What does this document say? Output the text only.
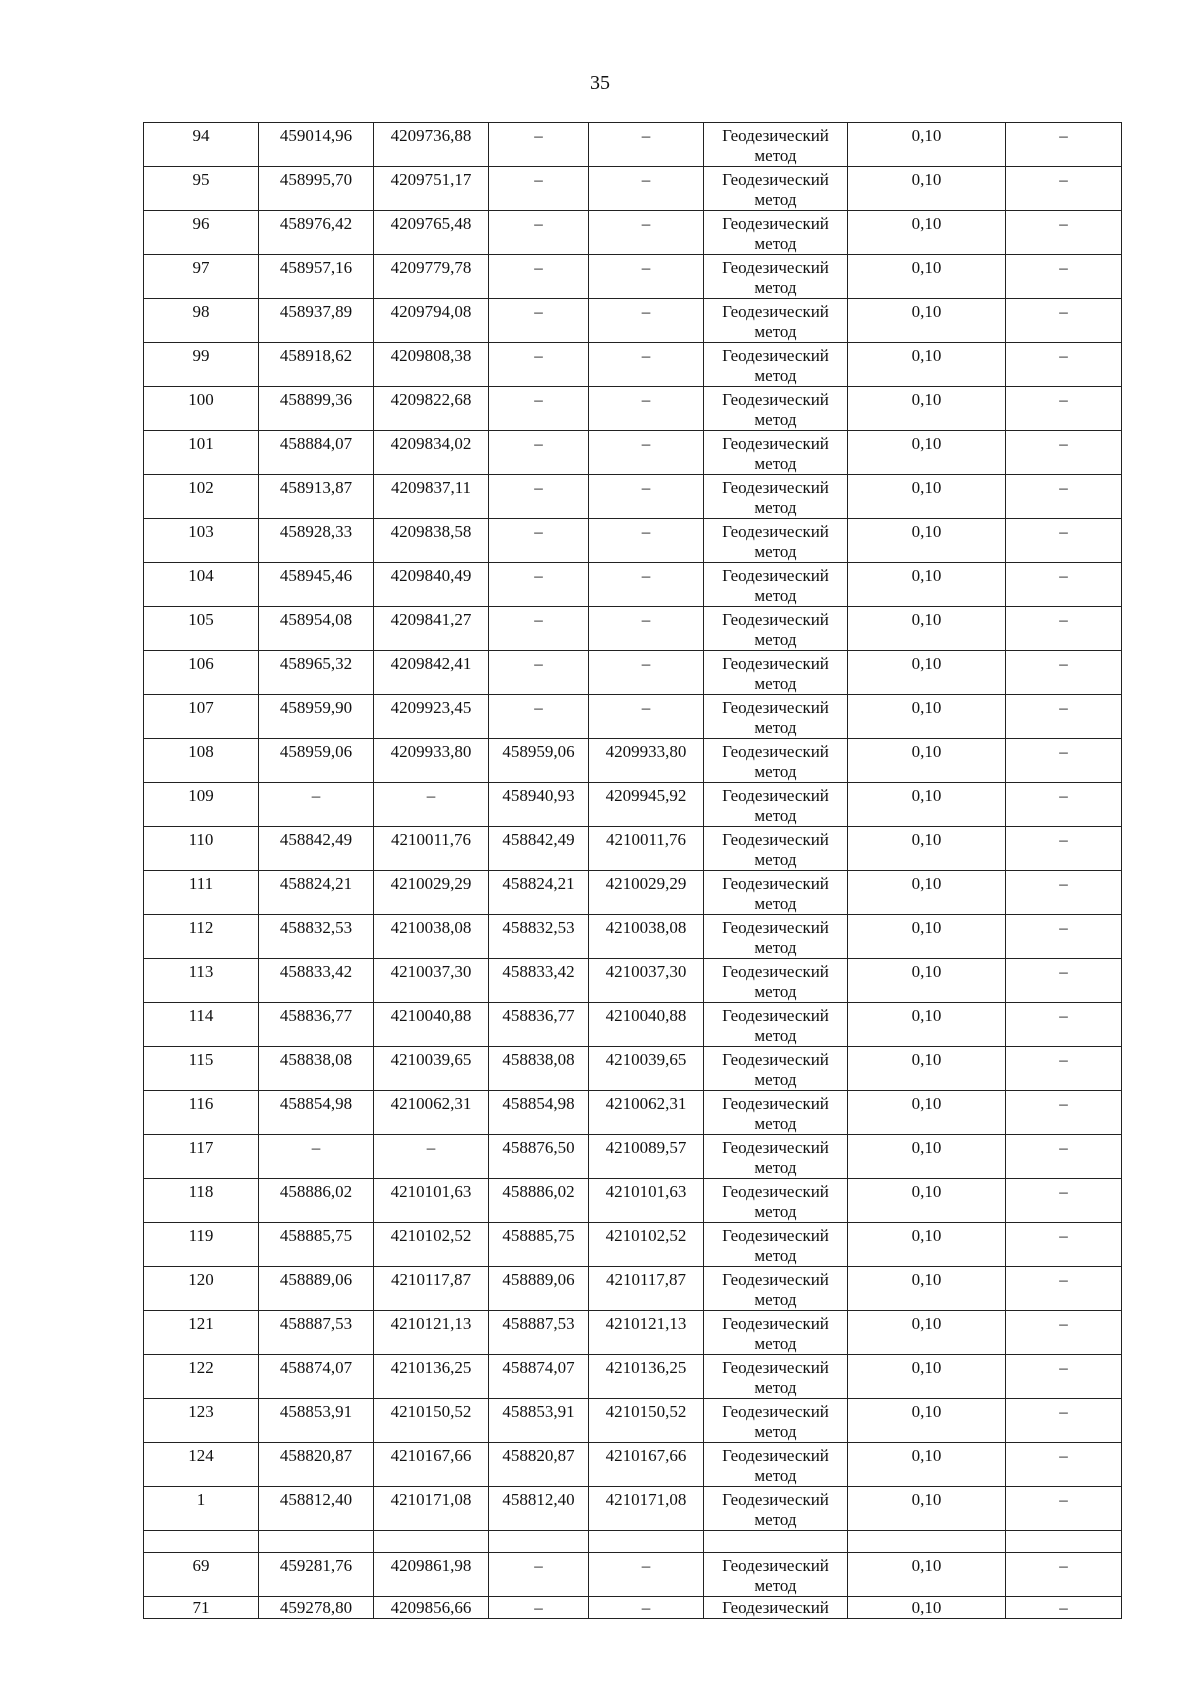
35
94	459014,96	4209736,88	–	–	Геодезический метод	0,10	–
95	458995,70	4209751,17	–	–	Геодезический метод	0,10	–
96	458976,42	4209765,48	–	–	Геодезический метод	0,10	–
97	458957,16	4209779,78	–	–	Геодезический метод	0,10	–
98	458937,89	4209794,08	–	–	Геодезический метод	0,10	–
99	458918,62	4209808,38	–	–	Геодезический метод	0,10	–
100	458899,36	4209822,68	–	–	Геодезический метод	0,10	–
101	458884,07	4209834,02	–	–	Геодезический метод	0,10	–
102	458913,87	4209837,11	–	–	Геодезический метод	0,10	–
103	458928,33	4209838,58	–	–	Геодезический метод	0,10	–
104	458945,46	4209840,49	–	–	Геодезический метод	0,10	–
105	458954,08	4209841,27	–	–	Геодезический метод	0,10	–
106	458965,32	4209842,41	–	–	Геодезический метод	0,10	–
107	458959,90	4209923,45	–	–	Геодезический метод	0,10	–
108	458959,06	4209933,80	458959,06	4209933,80	Геодезический метод	0,10	–
109	–	–	458940,93	4209945,92	Геодезический метод	0,10	–
110	458842,49	4210011,76	458842,49	4210011,76	Геодезический метод	0,10	–
111	458824,21	4210029,29	458824,21	4210029,29	Геодезический метод	0,10	–
112	458832,53	4210038,08	458832,53	4210038,08	Геодезический метод	0,10	–
113	458833,42	4210037,30	458833,42	4210037,30	Геодезический метод	0,10	–
114	458836,77	4210040,88	458836,77	4210040,88	Геодезический метод	0,10	–
115	458838,08	4210039,65	458838,08	4210039,65	Геодезический метод	0,10	–
116	458854,98	4210062,31	458854,98	4210062,31	Геодезический метод	0,10	–
117	–	–	458876,50	4210089,57	Геодезический метод	0,10	–
118	458886,02	4210101,63	458886,02	4210101,63	Геодезический метод	0,10	–
119	458885,75	4210102,52	458885,75	4210102,52	Геодезический метод	0,10	–
120	458889,06	4210117,87	458889,06	4210117,87	Геодезический метод	0,10	–
121	458887,53	4210121,13	458887,53	4210121,13	Геодезический метод	0,10	–
122	458874,07	4210136,25	458874,07	4210136,25	Геодезический метод	0,10	–
123	458853,91	4210150,52	458853,91	4210150,52	Геодезический метод	0,10	–
124	458820,87	4210167,66	458820,87	4210167,66	Геодезический метод	0,10	–
1	458812,40	4210171,08	458812,40	4210171,08	Геодезический метод	0,10	–

69	459281,76	4209861,98	–	–	Геодезический метод	0,10	–
71	459278,80	4209856,66	–	–	Геодезический	0,10	–
